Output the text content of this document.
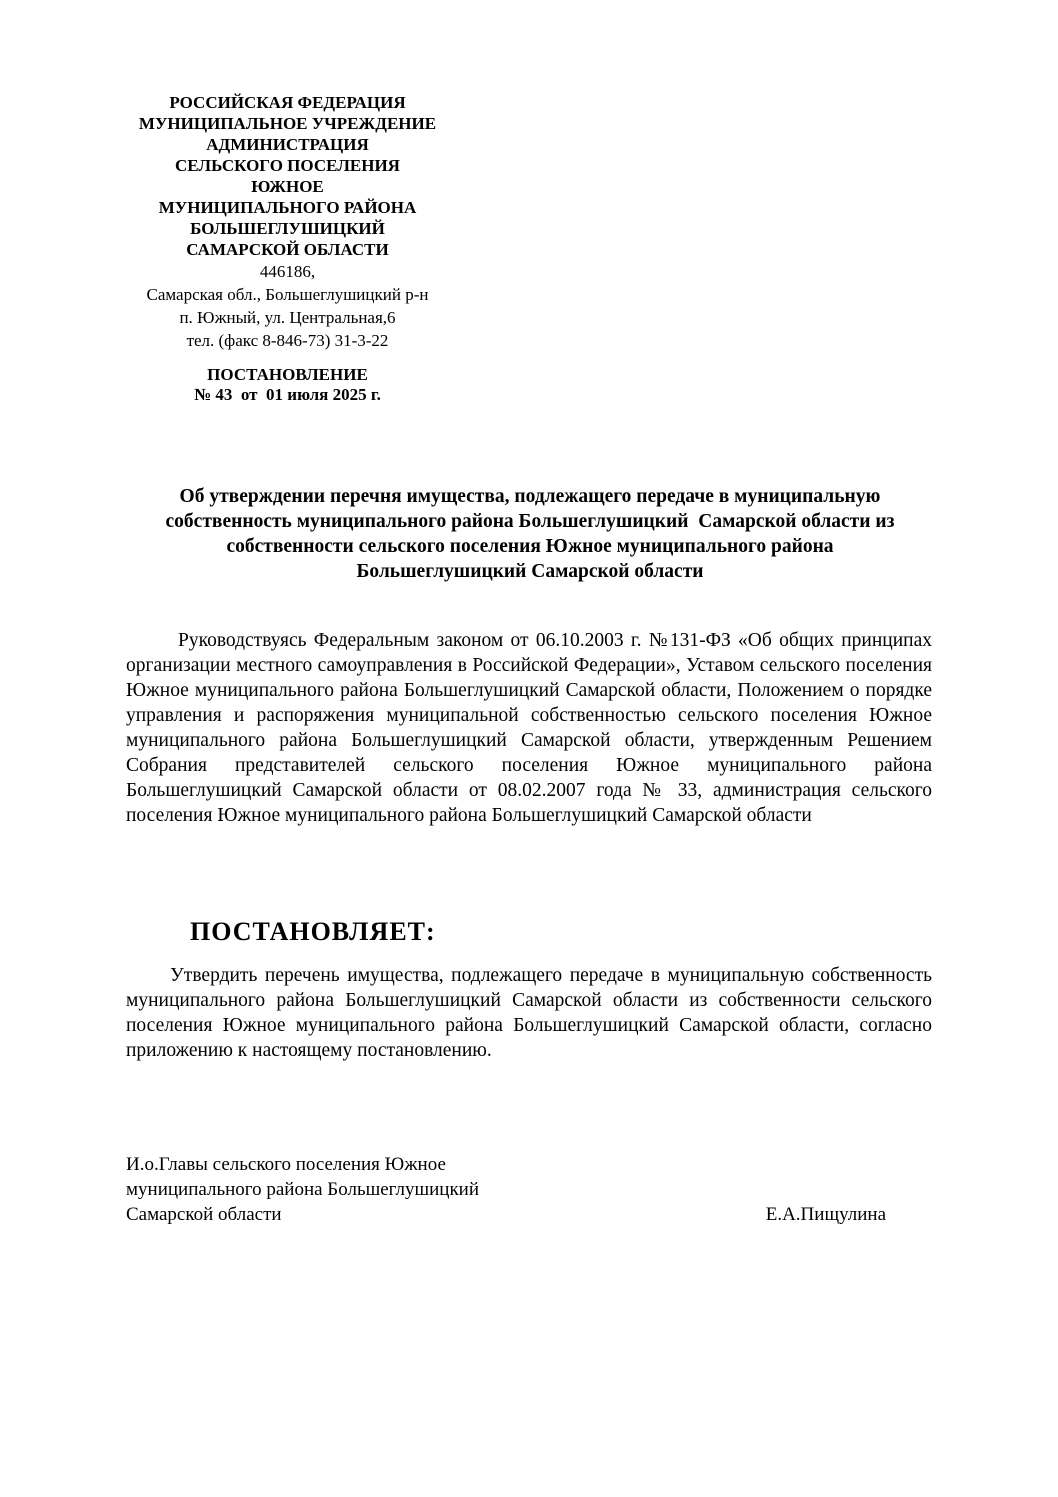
РОССИЙСКАЯ ФЕДЕРАЦИЯ
МУНИЦИПАЛЬНОЕ УЧРЕЖДЕНИЕ
АДМИНИСТРАЦИЯ
СЕЛЬСКОГО ПОСЕЛЕНИЯ
ЮЖНОЕ
МУНИЦИПАЛЬНОГО РАЙОНА
БОЛЬШЕГЛУШИЦКИЙ
САМАРСКОЙ ОБЛАСТИ
446186,
Самарская обл., Большеглушицкий р-н
п. Южный, ул. Центральная,6
тел. (факс 8-846-73) 31-3-22
ПОСТАНОВЛЕНИЕ
№ 43  от  01 июля 2025 г.
Об утверждении перечня имущества, подлежащего передаче в муниципальную
собственность муниципального района Большеглушицкий  Самарской области из
собственности сельского поселения Южное муниципального района
Большеглушицкий Самарской области

Руководствуясь Федеральным законом от 06.10.2003 г. №131-ФЗ «Об общих принципах организации местного самоуправления в Российской Федерации», Уставом сельского поселения Южное муниципального района Большеглушицкий Самарской области, Положением о порядке управления и распоряжения муниципальной собственностью сельского поселения Южное муниципального района Большеглушицкий Самарской области, утвержденным Решением Собрания представителей сельского поселения Южное муниципального района Большеглушицкий Самарской области от 08.02.2007 года № 33, администрация сельского поселения Южное муниципального района Большеглушицкий Самарской области

ПОСТАНОВЛЯЕТ:

Утвердить перечень имущества, подлежащего передаче в муниципальную собственность муниципального района Большеглушицкий Самарской области из собственности сельского поселения Южное муниципального района Большеглушицкий Самарской области, согласно приложению к настоящему постановлению.

И.о.Главы сельского поселения Южное
муниципального района Большеглушицкий
Самарской области	Е.А.Пищулина
